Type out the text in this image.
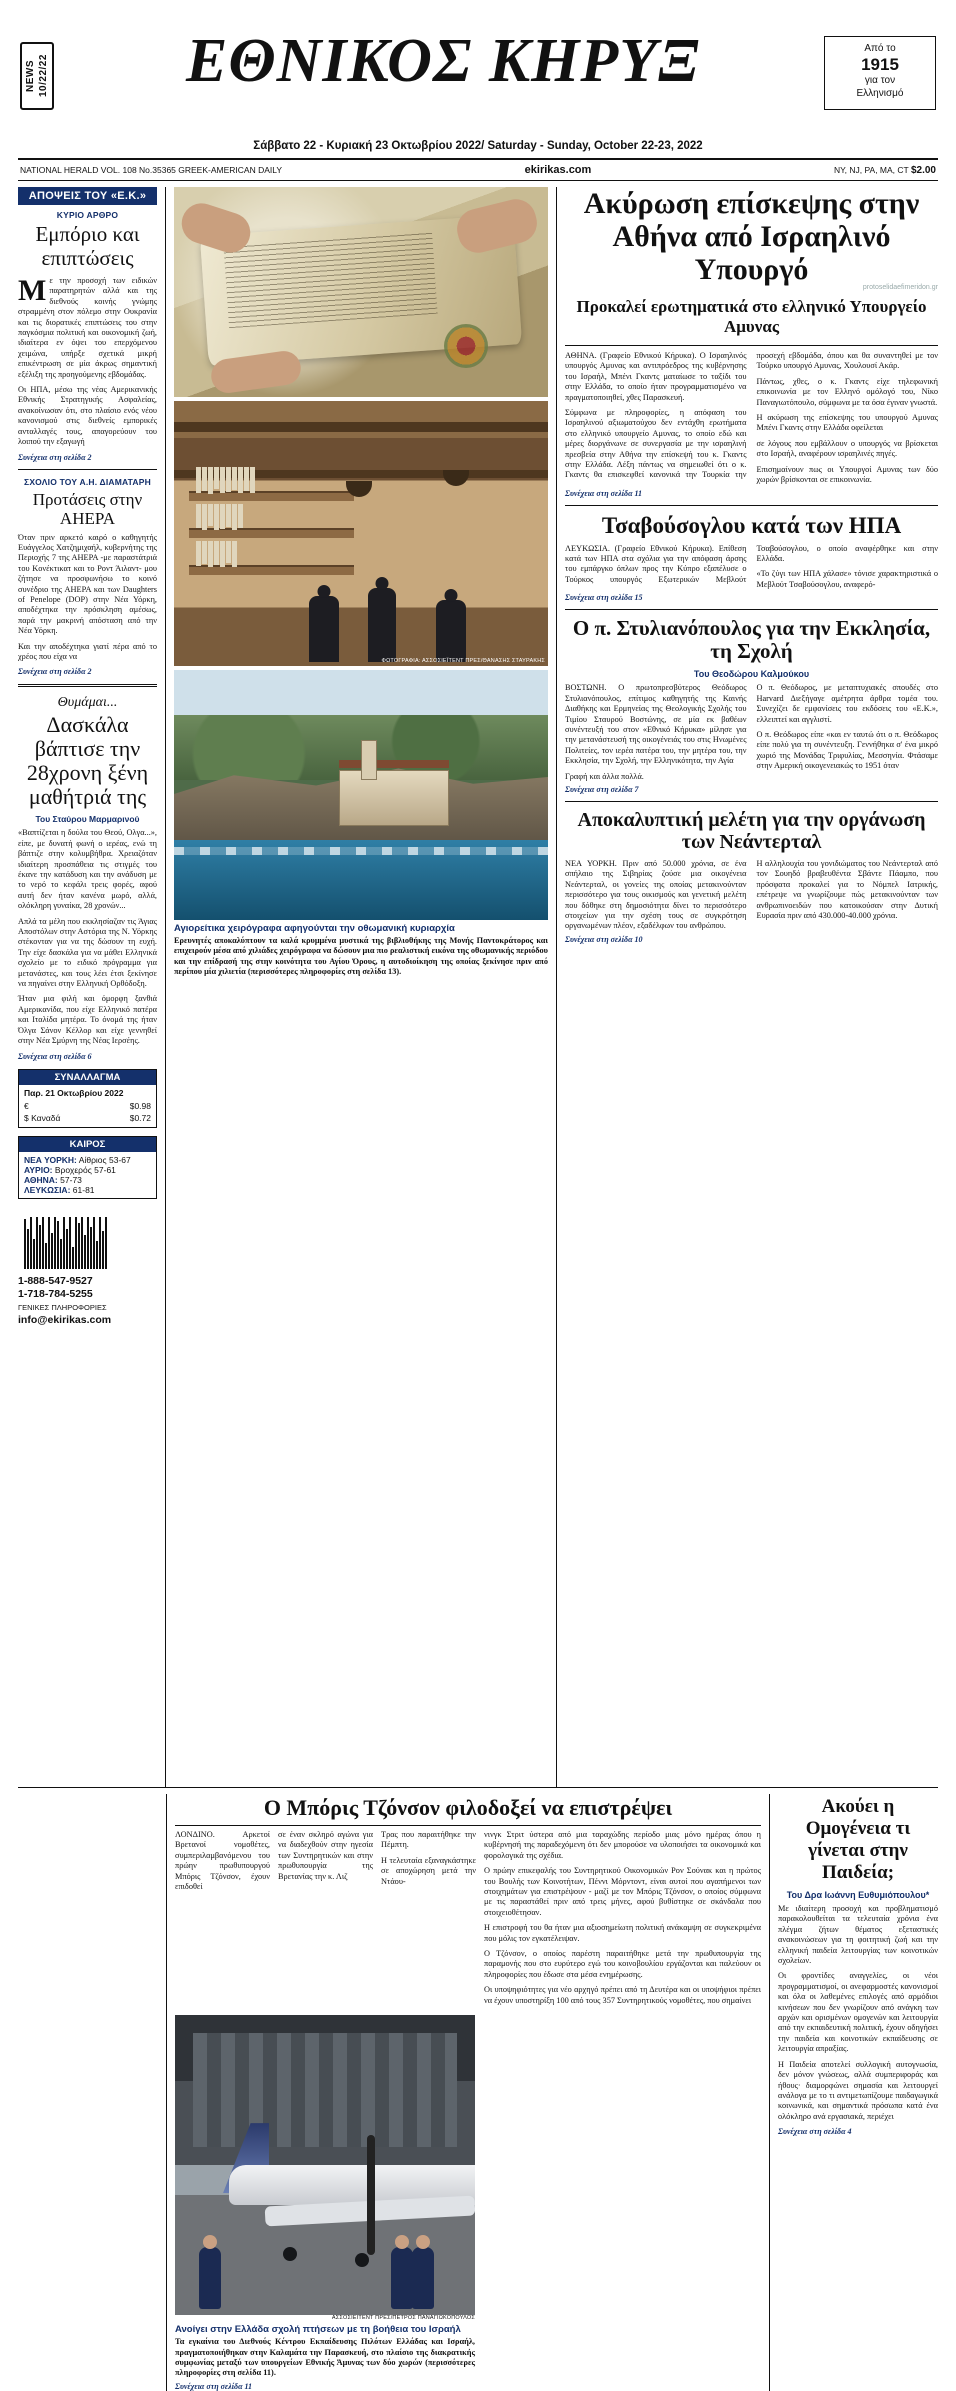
NEWS 10/22/22	ΕΘΝΙΚΟΣ ΚΗΡΥΞ	Από το
1915
για τον
Ελληνισμό
Σάββατο 22 - Κυριακή 23 Οκτωβρίου 2022/ Saturday - Sunday, October 22-23, 2022
NATIONAL HERALD VOL. 108 No.35365 GREEK-AMERICAN DAILY	ekirikas.com	ΝΥ, ΝJ, ΡΑ, ΜΑ, CT $2.00
ΑΠΟΨΕΙΣ ΤΟΥ «Ε.Κ.»
ΚΥΡΙΟ ΑΡΘΡΟ
Εμπόριο και επιπτώσεις

Με την προσοχή των ειδικών παρατηρητών αλλά και της διεθνούς κοινής γνώμης στραμμένη στον πόλεμο στην Ουκρανία και τις διορατικές επιπτώσεις του στην παγκόσμια πολιτική και οικονομική ζωή, ιδιαίτερα εν όψει του επερχόμενου χειμώνα, υπήρξε σχετικά μικρή επικέντρωση σε μία άκρως σημαντική εξέλιξη της προηγούμενης εβδομάδας.

Οι ΗΠΑ, μέσω της νέας Αμερικανικής Εθνικής Στρατηγικής Ασφαλείας, ανακοίνωσαν ότι, στο πλαίσιο ενός νέου κανονισμού στις διεθνείς εμπορικές ανταλλαγές τους, απαγορεύουν του λοιπού την εξαγωγή

Συνέχεια στη σελίδα 2
ΣΧΟΛΙΟ ΤΟΥ Α.Η. ΔΙΑΜΑΤΑΡΗ
Προτάσεις στην ΑΗΕΡΑ

Όταν πριν αρκετό καιρό ο καθηγητής Ευάγγελος Χατζημιχαήλ, κυβερνήτης της Περιοχής 7 της ΑΗΕΡΑ -με παραστάτριά του Κονέκτικατ και το Ροντ Άιλαντ- μου ζήτησε να προσφωνήσω το κοινό συνέδριο της ΑΗΕΡΑ και των Daughters of Penelope (DOP) στην Νέα Υόρκη, αποδέχτηκα την πρόσκληση αμέσως, παρά την μακρινή απόσταση από την Νέα Υόρκη.

Και την αποδέχτηκα γιατί πέρα από το χρέος που είχα να

Συνέχεια στη σελίδα 2
Θυμάμαι...
Δασκάλα βάπτισε την 28χρονη ξένη μαθήτριά της
Του Σταύρου Μαρμαρινού

«Βαπτίζεται η δούλα του Θεού, Ολγα...», είπε, με δυνατή φωνή ο ιερέας, ενώ τη βάπτιζε στην κολυμβήθρα. Χρειαζόταν ιδιαίτερη προσπάθεια τις στιγμές του έκανε την κατάδυση και την ανάδυση με το νερό το κεφάλι τρεις φορές, αφού αυτή δεν ήταν κανένα μωρό, αλλά, ολόκληρη γυναίκα, 28 χρονών...

Απλά τα μέλη που εκκλησίαζαν τις Άγιας Αποστόλων στην Αστόρια της Ν. Υόρκης στέκονταν για να της δώσουν τη ευχή. Την είχε δασκάλα για να μάθει Ελληνικά σχολείο με το ειδικό πρόγραμμα για μετανάστες, και τους λέει έτσι ξεκίνησε να πηγαίνει στην Ελληνική Ορθόδοξη.

Ήταν μια φιλή και όμορφη ξανθιά Αμερικανίδα, που είχε Ελληνικό πατέρα και Ιταλίδα μητέρα. Το όνομά της ήταν Όλγα Σάνον Κέλλορ και είχε γεννηθεί στην Νέα Σμύρνη της Νέας Ιερσέης.

Συνέχεια στη σελίδα 6
ΣΥΝΑΛΛΑΓΜΑ
Παρ. 21 Οκτωβρίου 2022
€	$0.98
$ Καναδά	$0.72
ΚΑΙΡΟΣ
ΝΕΑ ΥΟΡΚΗ: Αίθριος 53-67
ΑΥΡΙΟ: Βροχερός 57-61
ΑΘΗΝΑ: 57-73
ΛΕΥΚΩΣΙΑ: 61-81
1-888-547-9527
1-718-784-5255
ΓΕΝΙΚΕΣ ΠΛΗΡΟΦΟΡΙΕΣ
info@ekirikas.com
ΦΩΤΟΓΡΑΦΙΑ: ΑΣΣΟΣΙΕΪΤΕΝΤ ΠΡΕΣ/ΘΑΝΑΣΗΣ ΣΤΑΥΡΑΚΗΣ
Αγιορείτικα χειρόγραφα αφηγούνται την οθωμανική κυριαρχία
Ερευνητές αποκαλύπτουν τα καλά κρυμμένα μυστικά της βιβλιοθήκης της Μονής Παντοκράτορος και επιχειρούν μέσα από χιλιάδες χειρόγραφα να δώσουν μια πιο ρεαλιστική εικόνα της οθωμανικής περιόδου και την επίδρασή της στην κοινότητα του Αγίου Όρους, η αυτοδιοίκηση της οποίας ξεκίνησε πριν από περίπου μία χιλιετία (περισσότερες πληροφορίες στη σελίδα 13).
Ακύρωση επίσκεψης στην Αθήνα από Ισραηλινό Υπουργό
protoselidaefimeridon.gr
Προκαλεί ερωτηματικά στο ελληνικό Υπουργείο Αμυνας

ΑΘΗΝΑ. (Γραφείο Εθνικού Κήρυκα). Ο Ισραηλινός υπουργός Αμυνας και αντιπρόεδρος της κυβέρνησης του Ισραήλ, Μπένι Γκαντς ματαίωσε το ταξίδι του στην Ελλάδα, το οποίο ήταν προγραμματισμένο να πραγματοποιηθεί, χθες Παρασκευή.

Σύμφωνα με πληροφορίες, η απόφαση του Ισραηλινού αξιωματούχου δεν εντάχθη ερωτήματα στο ελληνικό υπουργείο Αμυνας, το οποίο εδώ και μέρες διοργάνωνε σε συνεργασία με την ισραηλινή πρεσβεία στην Αθήνα την επίσκεψή του κ. Γκαντς στην Ελλάδα. Λέξη πάντως να σημειωθεί ότι ο κ. Γκαντς θα επισκεφθεί κανονικά την Τουρκία την προσεχή εβδομάδα, όπου και θα συναντηθεί με τον Τούρκο υπουργό Αμυνας, Χουλουσί Ακάρ.

Πάντως, χθες, ο κ. Γκαντς είχε τηλεφωνική επικοινωνία με τον Ελληνό ομόλογό του, Νίκο Παναγιωτόπουλο, σύμφωνα με τα όσα έγιναν γνωστά.

Η ακύρωση της επίσκεψης του υπουργού Αμυνας Μπένι Γκαντς στην Ελλάδα οφείλεται

σε λόγους που εμβάλλουν ο υπουργός να βρίσκεται στο Ισραήλ, αναφέρουν ισραηλινές πηγές.

Επισημαίνουν πως οι Υπουργοί Αμυνας των δύο χωρών βρίσκονται σε επικοινωνία.

Συνέχεια στη σελίδα 11
Τσαβούσογλου κατά των ΗΠΑ

ΛΕΥΚΩΣΙΑ. (Γραφείο Εθνικού Κήρυκα). Επίθεση κατά των ΗΠΑ στα σχόλια για την απόφαση άρσης του εμπάργκο όπλων προς την Κύπρο εξαπέλυσε ο Τούρκος υπουργός Εξωτερικών Μεβλούτ Τσαβούσογλου, ο οποίο αναφέρθηκε και στην Ελλάδα.

«Το ζύγι των ΗΠΑ χάλασε» τόνισε χαρακτηριστικά ο Μεβλούτ Τσαβούσογλου, αναφερό-

Συνέχεια στη σελίδα 15
Ο π. Στυλιανόπουλος για την Εκκλησία, τη Σχολή
Του Θεοδώρου Καλμούκου
ΒΟΣΤΩΝΗ. Ο πρωτοπρεσβύτερος Θεόδωρος Στυλιανόπουλος, επίτιμος καθηγητής της Καινής Διαθήκης και Ερμηνείας της Θεολογικής Σχολής του Τιμίου Σταυρού Βοστώνης, σε μία εκ βαθέων συνέντευξή του στον «Εθνικό Κήρυκα» μίλησε για την μετανάστευσή της οικογένειάς του στις Ηνωμένες Πολιτείες, τον ιερέα πατέρα του, την μητέρα του, την Εκκλησία, την Σχολή, την Ελληνικότητα, την Αγία

Γραφή και άλλα πολλά.

Ο π. Θεόδωρος, με μεταπτυχιακές σπουδές στο Harvard Διεξήγαγε αμέτρητα άρθρα τομέα του. Συνεχίζει δε εμφανίσεις του εκδόσεις του «Ε.Κ.», ελλειπτεί και αγγλιστί.

Ο π. Θεόδωρος είπε «και εν ταυτώ ότι ο π. Θεόδωρος είπε πολύ για τη συνέντευξη. Γεννήθηκα σ' ένα μικρό χωριό της Μονάδας Τριφυλίας, Μεσσηνία. Φτάσαμε στην Αμερική οικογενειακώς το 1951 όταν

Συνέχεια στη σελίδα 7
Αποκαλυπτική μελέτη για την οργάνωση των Νεάντερταλ
ΝΕΑ ΥΟΡΚΗ. Πριν από 50.000 χρόνια, σε ένα σπήλαιο της Σιβηρίας ζούσε μια οικογένεια Νεάντερταλ, οι γονείες της οποίας μετακινούνταν περισσότερο για τους οικισμούς και γενετική μελέτη που δόθηκε στη δημοσιότητα δίνει το περισσότερο στοιχείων για την σχέση τους σε συγκρότηση οργανωμένων πλέον, εξαδέλφων του ανθρώπου.
Η αλληλουχία του γονιδιώματος του Νεάντερταλ από τον Σουηδό βραβευθέντα Σβάντε Πάαμπο, που πρόσφατα προκαλεί για το Νόμπελ Ιατρικής, επέτρεψε να γνωρίζουμε πώς μετακινούνταν των ανθρωπινοειδών που κατοικούσαν στην Δυτική Ευρασία πριν από 430.000-40.000 χρόνια.
Συνέχεια στη σελίδα 10
Ο Μπόρις Τζόνσον φιλοδοξεί να επιστρέψει
ΛΟΝΔΙΝΟ. Αρκετοί Βρετανοί νομοθέτες, συμπεριλαμβανόμενου του πρώην πρωθυπουργού Μπόρις Τζόνσον, έχουν επιδοθεί
σε έναν σκληρό αγώνα για να διαδεχθούν στην ηγεσία των Συντηρητικών και στην πρωθυπουργία της Βρετανίας την κ. Λιζ

Τρας που παραιτήθηκε την Πέμπτη.

Η τελευταία εξαναγκάστηκε σε αποχώρηση μετά την Ντάου-

νινγκ Στριτ ύστερα από μια ταραχώδης περίοδο μιας μόνο ημέρας όπου η κυβέρνησή της παραδεχόμενη ότι δεν μπορούσε να υλοποιήσει τα οικονομικά και φορολογικά της σχέδια.

Ο πρώην επικεφαλής του Συντηρητικού Οικονομικών Ρον Σούνακ και η πρώτος του Βουλής των Κοινοτήτων, Πέννι Μόρντοντ, είναι αυτοί που αγαπήμενοι των στοιχημάτων για επιστρέψουν - μαζί με τον Μπόρις Τζόνσον, ο οποίος σύμφωνα με τις παραστάθεί πριν από τρεις μήνες, αφού βυθίστηκε σε σκάνδαλα που στοιχειοθέτησαν.

Η επιστροφή του θα ήταν μια αξιοσημείωτη πολιτική ανάκαμψη σε συγκεκριμένα που μόλις τον εγκατέλειψαν.

Ο Τζόνσον, ο οποίος παρέστη παραιτήθηκε μετά την πρωθυπουργία της παραμονής που στο ευρύτερο εγώ του κοινοβουλίου εργάζονται και παλεύουν οι πληροφορίες που έδωσε στα μέσα ενημέρωσης.

Οι υποψηφιότητες για νέο αρχηγό πρέπει από τη Δευτέρα και οι υποψήφιοι πρέπει να έχουν υποστηρίξη 100 από τους 357 Συντηρητικούς νομοθέτες, που σημαίνει

ΑΣΣΟΣΙΕΪΤΕΝΤ ΠΡΕΣ/ΠΕΤΡΟΣ ΠΑΝΑΓΙΩΚΟΠΟΥΛΟΣ
Ανοίγει στην Ελλάδα σχολή πτήσεων με τη βοήθεια του Ισραήλ
Τα εγκαίνια του Διεθνούς Κέντρου Εκπαίδευσης Πιλότων Ελλάδας και Ισραήλ, πραγματοποιήθηκαν στην Καλαμάτα την Παρασκευή, στο πλαίσιο της διακρατικής συμφωνίας μεταξύ των υπουργείων Εθνικής Άμυνας των δύο χωρών (περισσότερες πληροφορίες στη σελίδα 11).
Συνέχεια στη σελίδα 11
Ακούει η Ομογένεια τι γίνεται στην Παιδεία;
Του Δρα Ιωάννη Ευθυμιόπουλου*

Με ιδιαίτερη προσοχή και προβληματισμό παρακολουθείται τα τελευταία χρόνια ένα πλέγμα ζήτων θέματος εξεταστικές ανακοινώσεων για τη φοιτητική ζωή και την ελληνική παιδεία λειτουργίας των κοινοτικών σχολείων.

Οι φροντίδες αναγγελίες, οι νέοι προγραμματισμοί, οι ανεφαρμοστές κανονισμοί και όλα οι λαθεμένες επιλογές από αρμόδιοι κινήσεων που δεν γνωρίζουν από ανάγκη των αρχών και ορισμένων ομογενών και λειτουργία από την εκπαιδευτική πολιτική, έχουν οδηγήσει την παιδεία και κοινοτικών εκπαίδευσης σε λειτουργία απραξίας.

Η Παιδεία αποτελεί συλλογική αυτογνωσία, δεν μόνον γνώσεως, αλλά συμπεριφοράς και ήθους· διαμορφώνει σημασία και λειτουργεί ανάλογα με το τι αντιμετωπίζουμε παιδαγωγικά κοινωνικά, και σημαντικά πρόσωπα κατά ένα ολόκληρο ανά εργασιακά, περιέχει

Συνέχεια στη σελίδα 4
